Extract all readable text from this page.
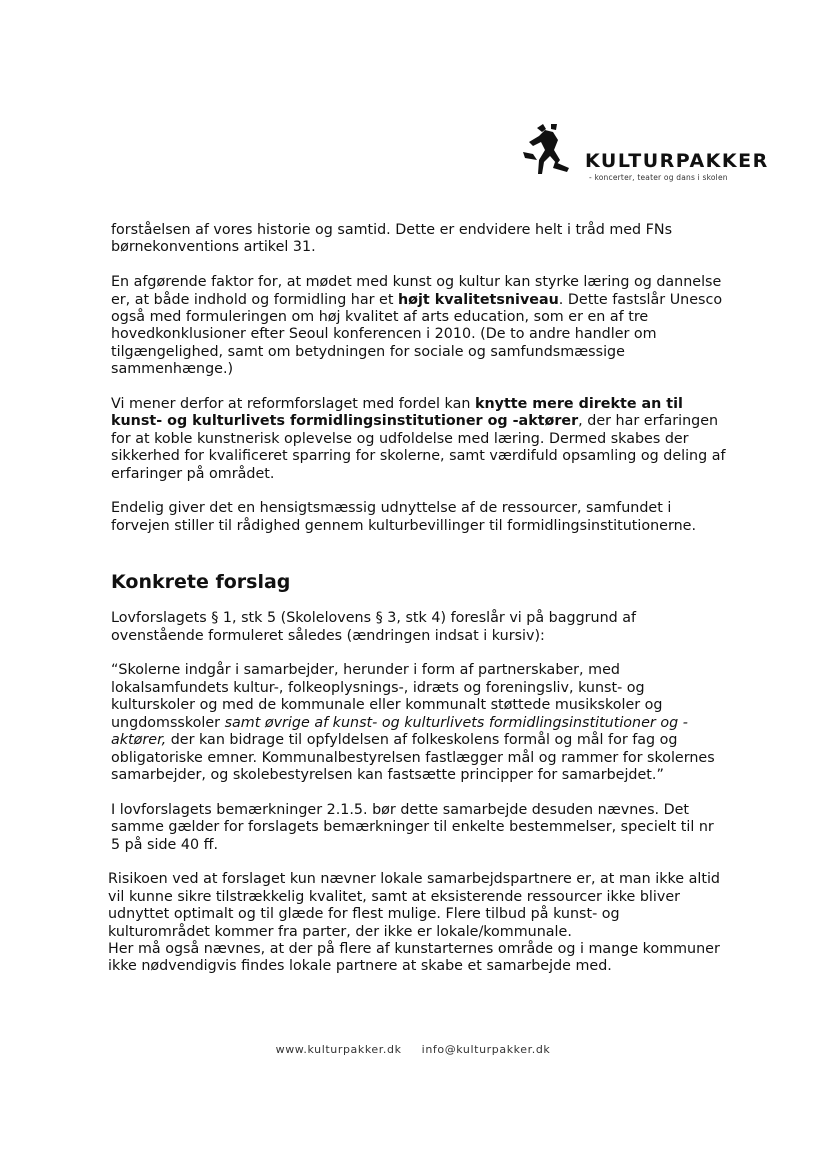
KULTURPAKKER
- koncerter, teater og dans i skolen

forståelsen af vores historie og samtid. Dette er endvidere helt i tråd med FNs børnekonventions artikel 31.

En afgørende faktor for, at mødet med kunst og kultur kan styrke læring og dannelse er, at både indhold og formidling har et højt kvalitetsniveau. Dette fastslår Unesco også med formuleringen om høj kvalitet af arts education, som er en af tre hovedkonklusioner efter Seoul konferencen i 2010. (De to andre handler om tilgængelighed, samt om betydningen for sociale og samfundsmæssige sammenhænge.)

Vi mener derfor at reformforslaget med fordel kan knytte mere direkte an til kunst- og kulturlivets formidlingsinstitutioner og -aktører, der har erfaringen for at koble kunstnerisk oplevelse og udfoldelse med læring. Dermed skabes der sikkerhed for kvalificeret sparring for skolerne, samt værdifuld opsamling og deling af erfaringer på området.

Endelig giver det en hensigtsmæssig udnyttelse af de ressourcer, samfundet i forvejen stiller til rådighed gennem kulturbevillinger til formidlingsinstitutionerne.

Konkrete forslag

Lovforslagets § 1, stk 5 (Skolelovens § 3, stk 4) foreslår vi på baggrund af ovenstående formuleret således (ændringen indsat i kursiv):

“Skolerne indgår i samarbejder, herunder i form af partnerskaber, med lokalsamfundets kultur-, folkeoplysnings-, idræts og foreningsliv, kunst- og kulturskoler og med de kommunale eller kommunalt støttede musikskoler og ungdomsskoler samt øvrige af kunst- og kulturlivets formidlingsinstitutioner og -aktører, der kan bidrage til opfyldelsen af folkeskolens formål og mål for fag og obligatoriske emner. Kommunalbestyrelsen fastlægger mål og rammer for skolernes samarbejder, og skolebestyrelsen kan fastsætte principper for samarbejdet.”

I lovforslagets bemærkninger 2.1.5. bør dette samarbejde desuden nævnes. Det samme gælder for forslagets bemærkninger til enkelte bestemmelser, specielt til nr 5 på side 40 ff.

Risikoen ved at forslaget kun nævner lokale samarbejdspartnere er, at man ikke altid vil kunne sikre tilstrækkelig kvalitet, samt at eksisterende ressourcer ikke bliver udnyttet optimalt og til glæde for flest mulige. Flere tilbud på kunst- og kulturområdet kommer fra parter, der ikke er lokale/kommunale.
Her må også nævnes, at der på flere af kunstarternes område og i mange kommuner ikke nødvendigvis findes lokale partnere at skabe et samarbejde med.

www.kulturpakker.dk info@kulturpakker.dk
